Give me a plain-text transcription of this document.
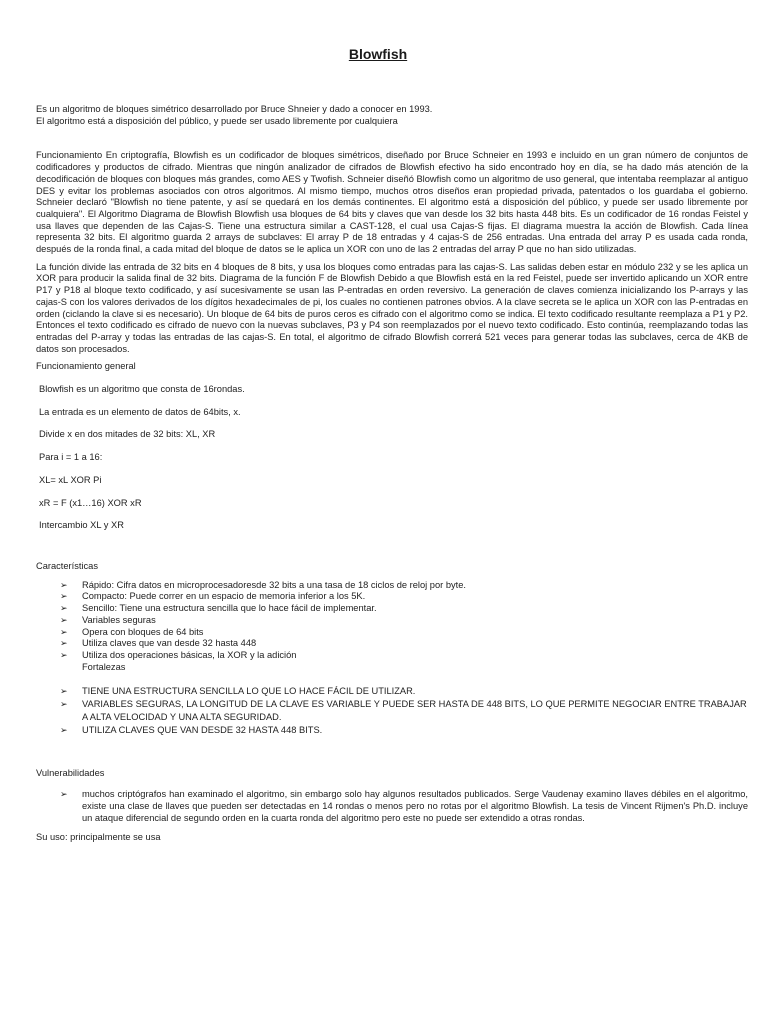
Blowfish

Es un algoritmo de bloques simétrico desarrollado por Bruce Shneier y dado a conocer en 1993.

El algoritmo está a disposición del público, y puede ser usado libremente por cualquiera

Funcionamiento En criptografía, Blowfish es un codificador de bloques simétricos, diseñado por Bruce Schneier en 1993 e incluido en un gran número de conjuntos de codificadores y productos de cifrado. Mientras que ningún analizador de cifrados de Blowfish efectivo ha sido encontrado hoy en día, se ha dado más atención de la decodificación de bloques con bloques más grandes, como AES y Twofish. Schneier diseñó Blowfish como un algoritmo de uso general, que intentaba reemplazar al antiguo DES y evitar los problemas asociados con otros algoritmos. Al mismo tiempo, muchos otros diseños eran propiedad privada, patentados o los guardaba el gobierno. Schneier declaró "Blowfish no tiene patente, y así se quedará en los demás continentes. El algoritmo está a disposición del público, y puede ser usado libremente por cualquiera". El Algoritmo Diagrama de Blowfish Blowfish usa bloques de 64 bits y claves que van desde los 32 bits hasta 448 bits. Es un codificador de 16 rondas Feistel y usa llaves que dependen de las Cajas-S. Tiene una estructura similar a CAST-128, el cual usa Cajas-S fijas. El diagrama muestra la acción de Blowfish. Cada línea representa 32 bits. El algoritmo guarda 2 arrays de subclaves: El array P de 18 entradas y 4 cajas-S de 256 entradas. Una entrada del array P es usada cada ronda, después de la ronda final, a cada mitad del bloque de datos se le aplica un XOR con uno de las 2 entradas del array P que no han sido utilizadas.

La función divide las entrada de 32 bits en 4 bloques de 8 bits, y usa los bloques como entradas para las cajas-S. Las salidas deben estar en módulo 232 y se les aplica un XOR para producir la salida final de 32 bits. Diagrama de la función F de Blowfish Debido a que Blowfish está en la red Feistel, puede ser invertido aplicando un XOR entre P17 y P18 al bloque texto codificado, y así sucesivamente se usan las P-entradas en orden reversivo. La generación de claves comienza inicializando los P-arrays y las cajas-S con los valores derivados de los dígitos hexadecimales de pi, los cuales no contienen patrones obvios. A la clave secreta se le aplica un XOR con las P-entradas en orden (ciclando la clave si es necesario). Un bloque de 64 bits de puros ceros es cifrado con el algoritmo como se indica. El texto codificado resultante reemplaza a P1 y P2. Entonces el texto codificado es cifrado de nuevo con la nuevas subclaves, P3 y P4 son reemplazados por el nuevo texto codificado. Esto continúa, reemplazando todas las entradas del P-array y todas las entradas de las cajas-S. En total, el algoritmo de cifrado Blowfish correrá 521 veces para generar todas las subclaves, cerca de 4KB de datos son procesados.

Funcionamiento general

Blowfish es un algoritmo que consta de 16rondas.

La entrada es un elemento de datos de 64bits, x.

Divide x en dos mitades de 32 bits: XL, XR

Para i = 1 a 16:

XL= xL XOR Pi

xR = F (x1…16) XOR xR

Intercambio XL y XR

Características

➢ Rápido: Cifra datos en microprocesadoresde 32 bits a una tasa de 18 ciclos de reloj por byte.
➢ Compacto: Puede correr en un espacio de memoria inferior a los 5K.
➢ Sencillo: Tiene una estructura sencilla que lo hace fácil de implementar.
➢ Variables seguras
➢ Opera con bloques de 64 bits
➢ Utiliza claves que van desde 32 hasta 448
➢ Utiliza dos operaciones básicas, la XOR y la adición

Fortalezas

➢ TIENE UNA ESTRUCTURA SENCILLA LO QUE LO HACE FÁCIL DE UTILIZAR.
➢ VARIABLES SEGURAS, LA LONGITUD DE LA CLAVE ES VARIABLE Y PUEDE SER HASTA DE 448 BITS, LO QUE PERMITE NEGOCIAR ENTRE TRABAJAR A ALTA VELOCIDAD Y UNA ALTA SEGURIDAD.
➢ UTILIZA CLAVES QUE VAN DESDE 32 HASTA 448 BITS.

Vulnerabilidades

➢ muchos criptógrafos han examinado el algoritmo, sin embargo solo hay algunos resultados publicados. Serge Vaudenay examino llaves débiles en el algoritmo, existe una clase de llaves que pueden ser detectadas en 14 rondas o menos pero no rotas por el algoritmo Blowfish. La tesis de Vincent Rijmen's Ph.D. incluye un ataque diferencial de segundo orden en la cuarta ronda del algoritmo pero este no puede ser extendido a otras rondas.

Su uso: principalmente se usa
